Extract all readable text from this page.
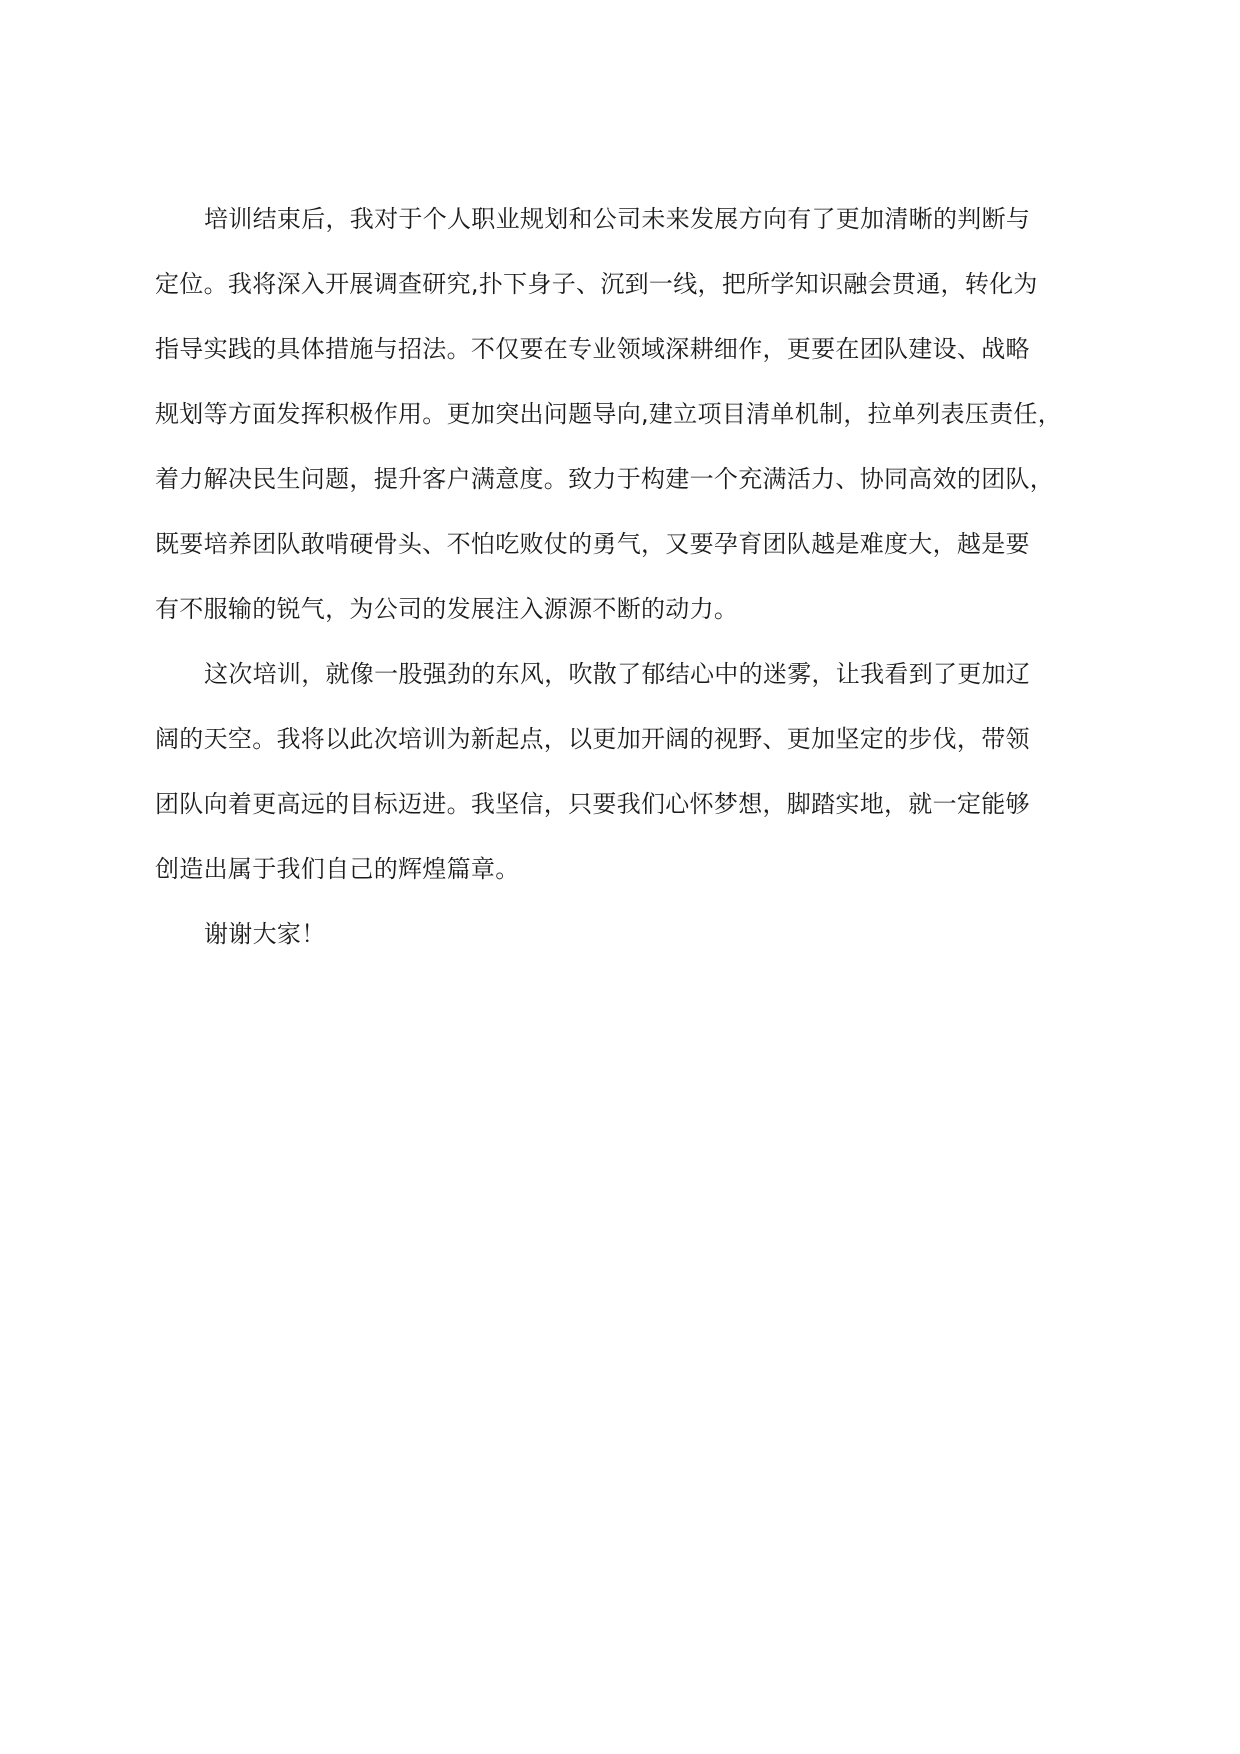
培训结束后，我对于个人职业规划和公司未来发展方向有了更加清晰的判断与
定位。我将深入开展调查研究,扑下身子、沉到一线，把所学知识融会贯通，转化为
指导实践的具体措施与招法。不仅要在专业领域深耕细作，更要在团队建设、战略
规划等方面发挥积极作用。更加突出问题导向,建立项目清单机制，拉单列表压责任，
着力解决民生问题，提升客户满意度。致力于构建一个充满活力、协同高效的团队，
既要培养团队敢啃硬骨头、不怕吃败仗的勇气，又要孕育团队越是难度大，越是要
有不服输的锐气，为公司的发展注入源源不断的动力。
这次培训，就像一股强劲的东风，吹散了郁结心中的迷雾，让我看到了更加辽
阔的天空。我将以此次培训为新起点，以更加开阔的视野、更加坚定的步伐，带领
团队向着更高远的目标迈进。我坚信，只要我们心怀梦想，脚踏实地，就一定能够
创造出属于我们自己的辉煌篇章。
谢谢大家！
